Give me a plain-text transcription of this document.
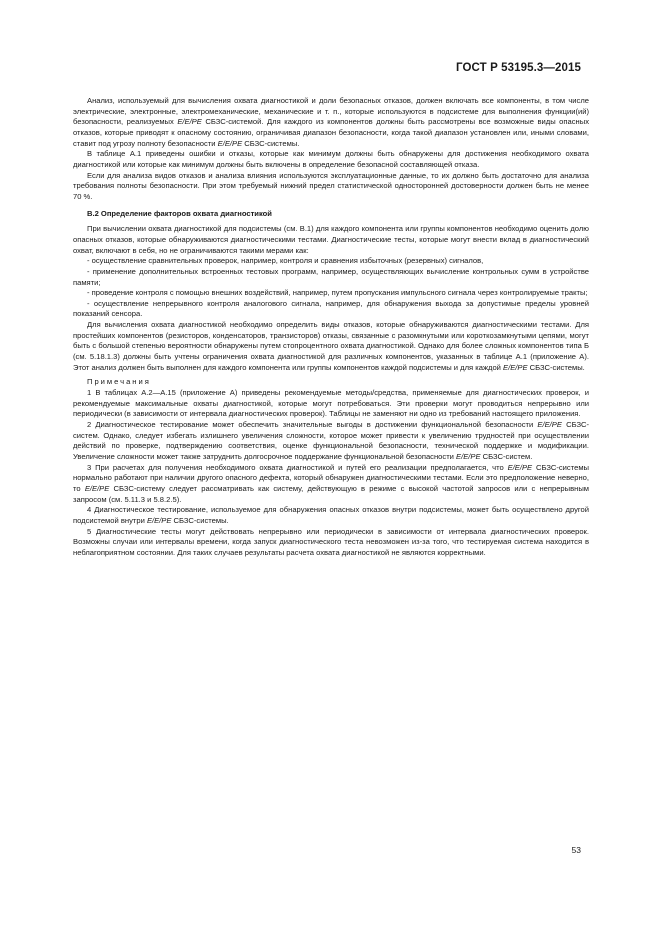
ГОСТ Р 53195.3—2015

Анализ, используемый для вычисления охвата диагностикой и доли безопасных отказов, должен включать все компоненты, в том числе электрические, электронные, электромеханические, механические и т. п., которые используются в подсистеме для выполнения функции(ий) безопасности, реализуемых E/E/PE СБЗС-системой. Для каждого из компонентов должны быть рассмотрены все возможные виды опасных отказов, которые приводят к опасному состоянию, ограничивая диапазон безопасности, когда такой диапазон установлен или, иными словами, ставит под угрозу полноту безопасности E/E/PE СБЗС-системы.

В таблице А.1 приведены ошибки и отказы, которые как минимум должны быть обнаружены для достижения необходимого охвата диагностикой или которые как минимум должны быть включены в определение безопасной составляющей отказа.

Если для анализа видов отказов и анализа влияния используются эксплуатационные данные, то их должно быть достаточно для анализа требования полноты безопасности. При этом требуемый нижний предел статистической односторонней достоверности должен быть не менее 70 %.

В.2 Определение факторов охвата диагностикой

При вычислении охвата диагностикой для подсистемы (см. В.1) для каждого компонента или группы компонентов необходимо оценить долю опасных отказов, которые обнаруживаются диагностическими тестами. Диагностические тесты, которые могут внести вклад в диагностический охват, включают в себя, но не ограничиваются такими мерами как:

- осуществление сравнительных проверок, например, контроля и сравнения избыточных (резервных) сигналов,

- применение дополнительных встроенных тестовых программ, например, осуществляющих вычисление контрольных сумм в устройстве памяти;

- проведение контроля с помощью внешних воздействий, например, путем пропускания импульсного сигнала через контролируемые тракты;

- осуществление непрерывного контроля аналогового сигнала, например, для обнаружения выхода за допустимые пределы уровней показаний сенсора.

Для вычисления охвата диагностикой необходимо определить виды отказов, которые обнаруживаются диагностическими тестами. Для простейших компонентов (резисторов, конденсаторов, транзисторов) отказы, связанные с разомкнутыми или короткозамкнутыми цепями, могут быть с большой степенью вероятности обнаружены путем стопроцентного охвата диагностикой. Однако для более сложных компонентов типа Б (см. 5.18.1.3) должны быть учтены ограничения охвата диагностикой для различных компонентов, указанных в таблице А.1 (приложение А). Этот анализ должен быть выполнен для каждого компонента или группы компонентов каждой подсистемы и для каждой E/E/PE СБЗС-системы.

Примечания

1 В таблицах А.2—А.15 (приложение А) приведены рекомендуемые методы/средства, применяемые для диагностических проверок, и рекомендуемые максимальные охваты диагностикой, которые могут потребоваться. Эти проверки могут проводиться непрерывно или периодически (в зависимости от интервала диагностических проверок). Таблицы не заменяют ни одно из требований настоящего приложения.

2 Диагностическое тестирование может обеспечить значительные выгоды в достижении функциональной безопасности E/E/PE СБЗС-систем. Однако, следует избегать излишнего увеличения сложности, которое может привести к увеличению трудностей при осуществлении действий по проверке, подтверждению соответствия, оценке функциональной безопасности, технической поддержке и модификации. Увеличение сложности может также затруднить долгосрочное поддержание функциональной безопасности E/E/PE СБЗС-систем.

3 При расчетах для получения необходимого охвата диагностикой и путей его реализации предполагается, что E/E/PE СБЗС-системы нормально работают при наличии другого опасного дефекта, который обнаружен диагностическими тестами. Если это предположение неверно, то E/E/PE СБЗС-систему следует рассматривать как систему, действующую в режиме с высокой частотой запросов или с непрерывным запросом (см. 5.11.3 и 5.8.2.5).

4 Диагностическое тестирование, используемое для обнаружения опасных отказов внутри подсистемы, может быть осуществлено другой подсистемой внутри E/E/PE СБЗС-системы.

5 Диагностические тесты могут действовать непрерывно или периодически в зависимости от интервала диагностических проверок. Возможны случаи или интервалы времени, когда запуск диагностического теста невозможен из-за того, что тестируемая система находится в неблагоприятном состоянии. Для таких случаев результаты расчета охвата диагностикой не являются корректными.

53
